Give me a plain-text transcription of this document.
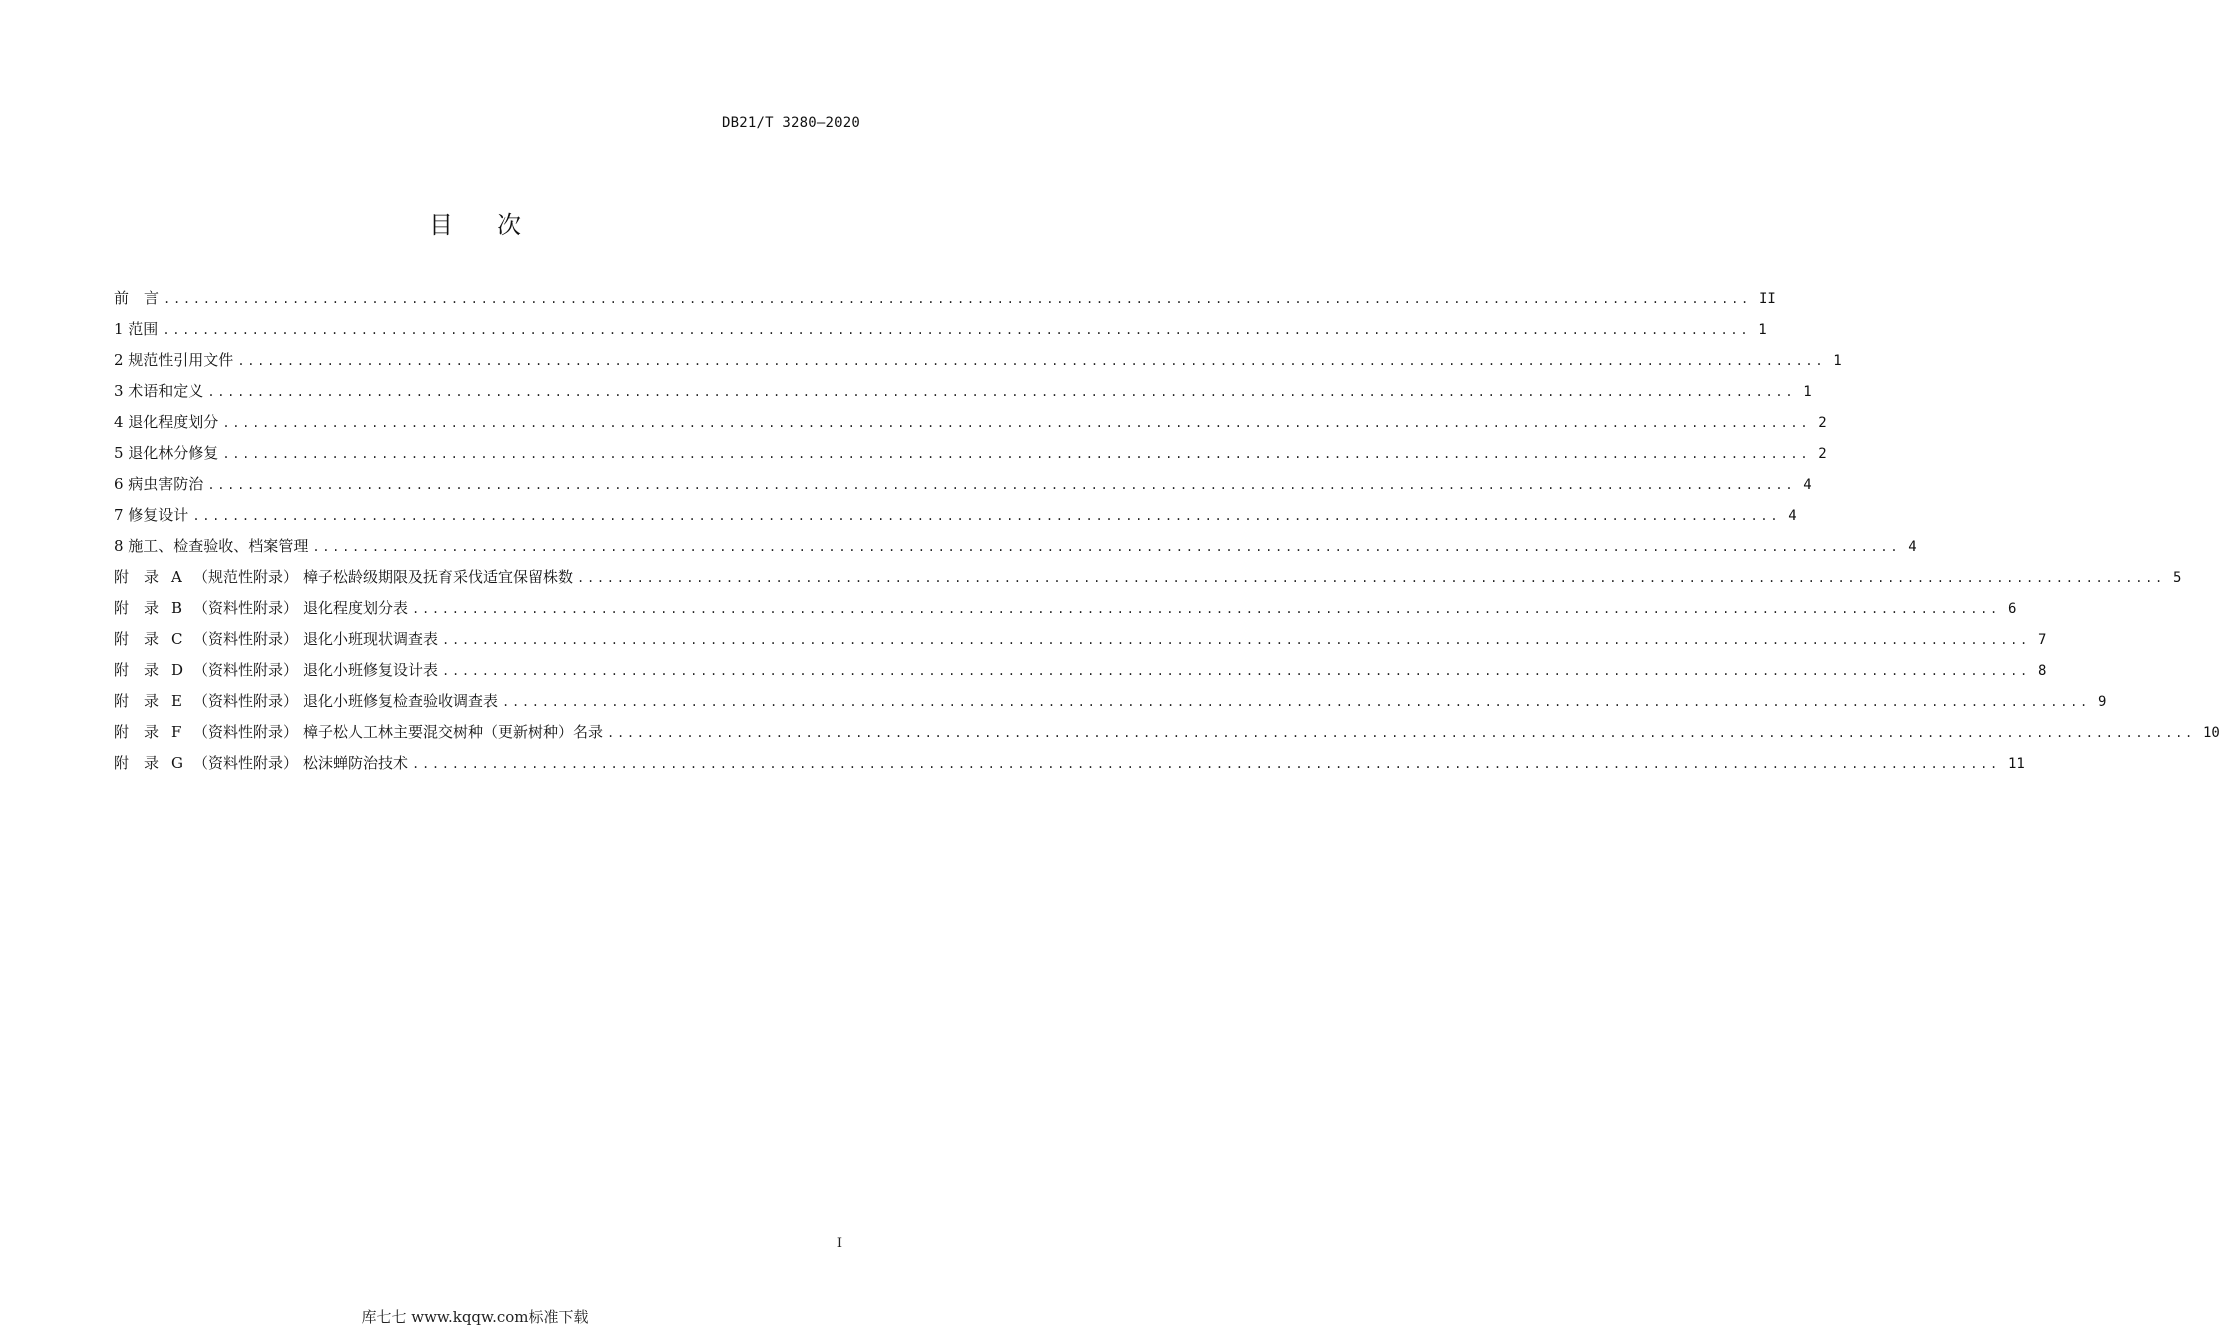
DB21/T 3280—2020
目次
前　言 ................................................................................................................................................................ II
1 范围 ................................................................................................................................................................ 1
2 规范性引用文件 ................................................................................................................................................................ 1
3 术语和定义 ................................................................................................................................................................ 1
4 退化程度划分 ................................................................................................................................................................ 2
5 退化林分修复 ................................................................................................................................................................ 2
6 病虫害防治 ................................................................................................................................................................ 4
7 修复设计 ................................................................................................................................................................ 4
8 施工、检查验收、档案管理 ................................................................................................................................................................ 4
附　录 A （规范性附录） 樟子松龄级期限及抚育采伐适宜保留株数 ................................................................................................................................................................ 5
附　录 B （资料性附录） 退化程度划分表 ................................................................................................................................................................ 6
附　录 C （资料性附录） 退化小班现状调查表 ................................................................................................................................................................ 7
附　录 D （资料性附录） 退化小班修复设计表 ................................................................................................................................................................ 8
附　录 E （资料性附录） 退化小班修复检查验收调查表 ................................................................................................................................................................ 9
附　录 F （资料性附录） 樟子松人工林主要混交树种（更新树种）名录 ................................................................................................................................................................ 10
附　录 G （资料性附录） 松沫蝉防治技术 ................................................................................................................................................................ 11
I
库七七 www.kqqw.com标准下载
